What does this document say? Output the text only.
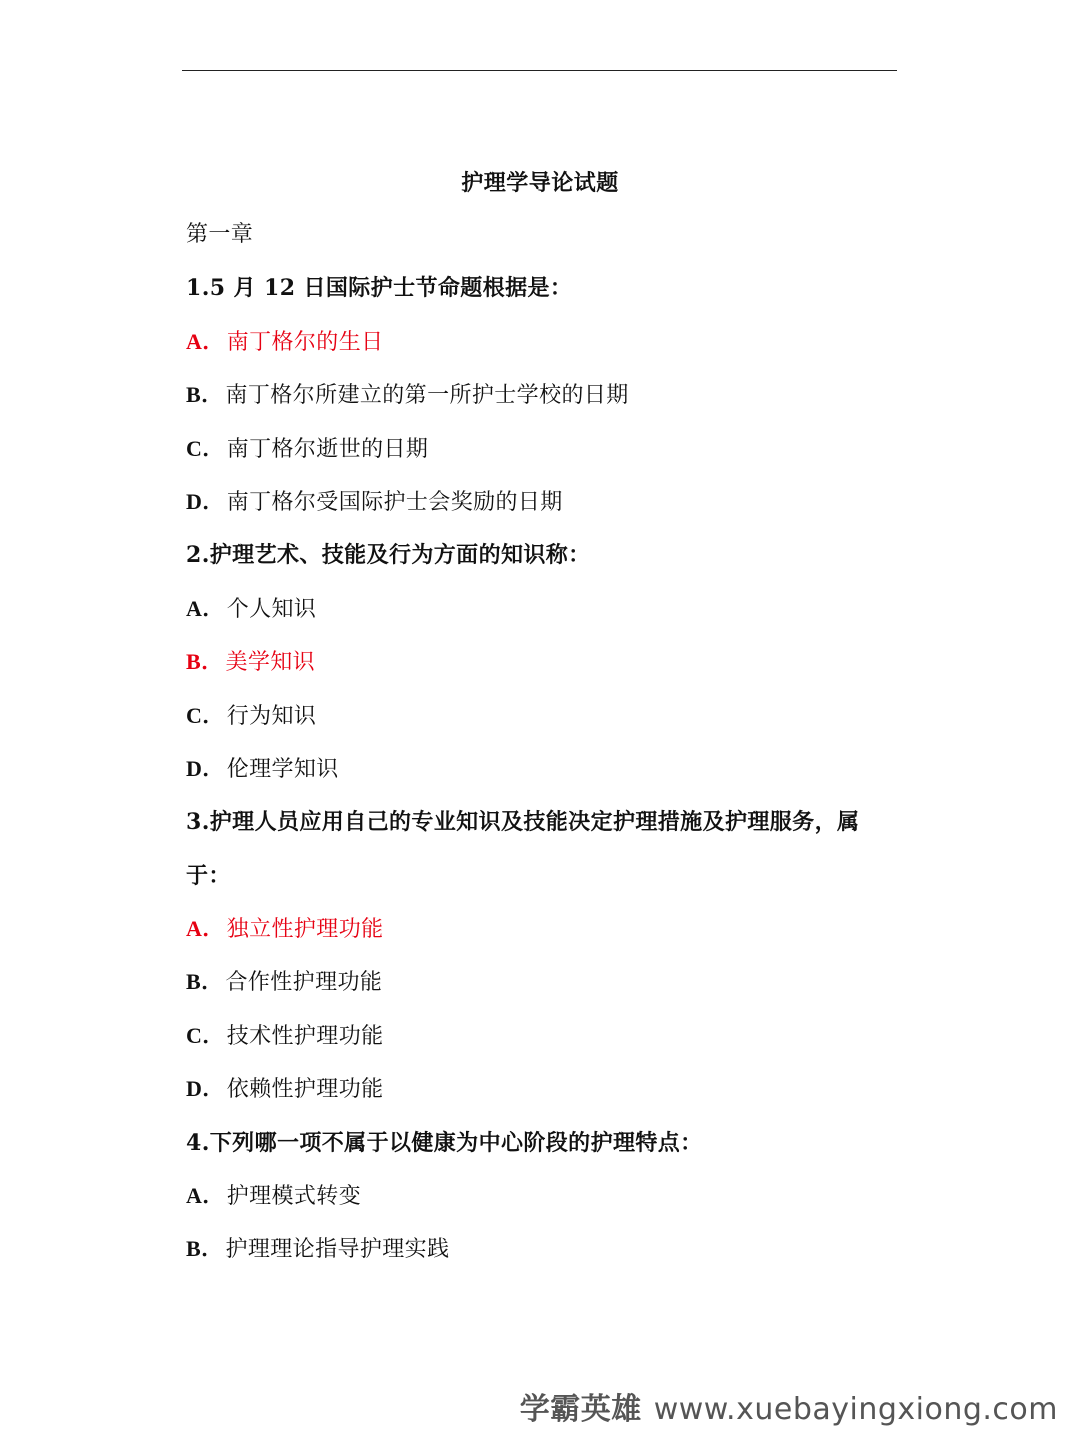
护理学导论试题
第一章
1.5 月 12 日国际护士节命题根据是：
A．南丁格尔的生日
B．南丁格尔所建立的第一所护士学校的日期
C．南丁格尔逝世的日期
D．南丁格尔受国际护士会奖励的日期
2.护理艺术、技能及行为方面的知识称：
A．个人知识
B．美学知识
C．行为知识
D．伦理学知识
3.护理人员应用自己的专业知识及技能决定护理措施及护理服务，属
于：
A．独立性护理功能
B．合作性护理功能
C．技术性护理功能
D．依赖性护理功能
4.下列哪一项不属于以健康为中心阶段的护理特点：
A．护理模式转变
B．护理理论指导护理实践
学霸英雄 www.xuebayingxiong.com
